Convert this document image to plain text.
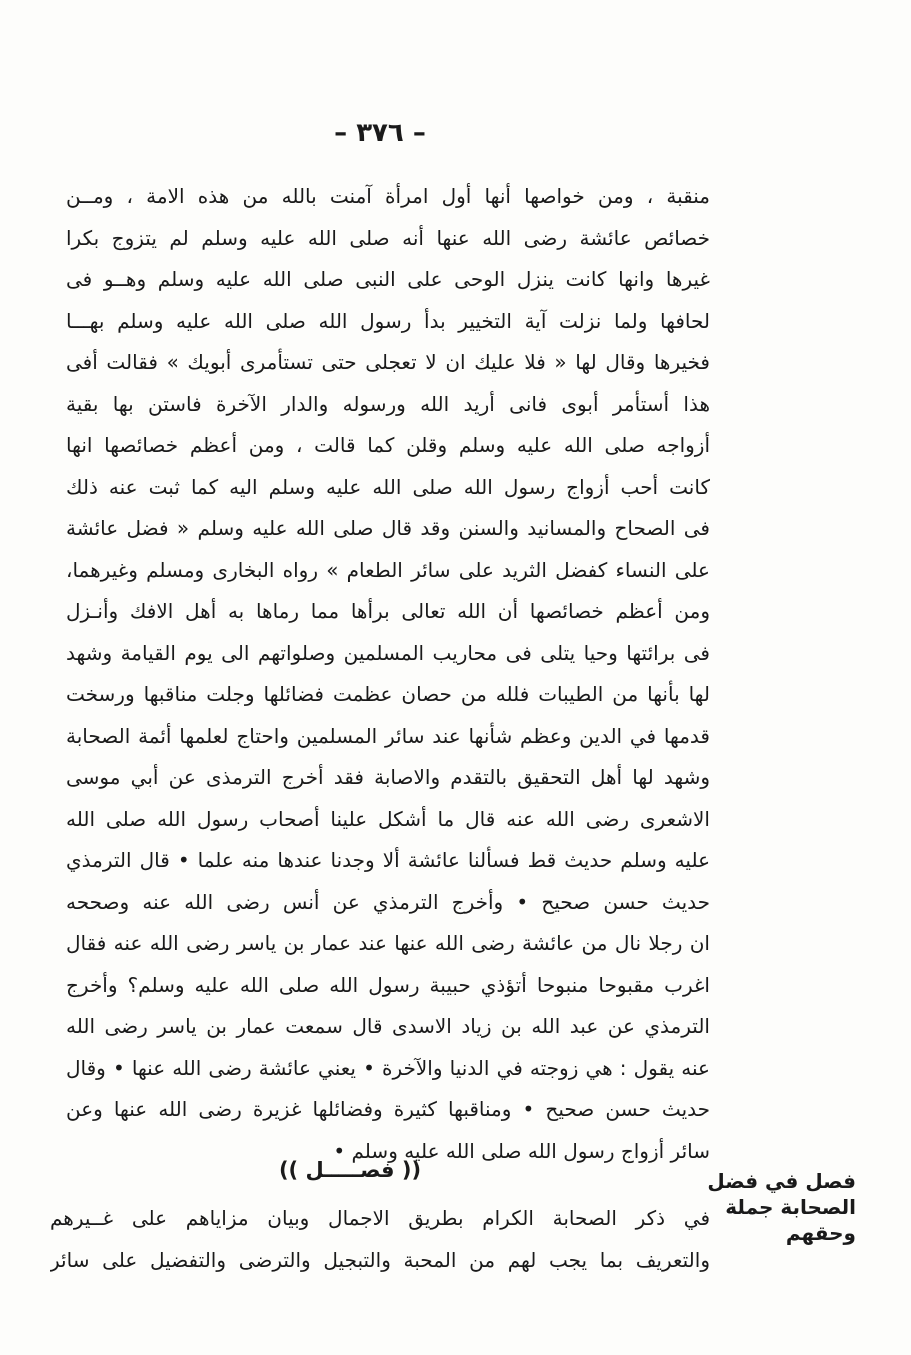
– ٣٧٦ –
منقبة ، ومن خواصها أنها أول امرأة آمنت بالله من هذه الامة ، ومــن
خصائص عائشة رضى الله عنها أنه صلى الله عليه وسلم لم يتزوج بكرا
غيرها وانها كانت ينزل الوحى على النبى صلى الله عليه وسلم وهــو فى
لحافها ولما نزلت آية التخيير بدأ رسول الله صلى الله عليه وسلم بهـــا
فخيرها وقال لها « فلا عليك ان لا تعجلى حتى تستأمرى أبويك » فقالت أفى
هذا أستأمر أبوى فانى أريد الله ورسوله والدار الآخرة فاستن بها بقية
أزواجه صلى الله عليه وسلم وقلن كما قالت ، ومن أعظم خصائصها انها
كانت أحب أزواج رسول الله صلى الله عليه وسلم اليه كما ثبت عنه ذلك
فى الصحاح والمسانيد والسنن وقد قال صلى الله عليه وسلم « فضل عائشة
على النساء كفضل الثريد على سائر الطعام » رواه البخارى ومسلم وغيرهما،
ومن أعظم خصائصها أن الله تعالى برأها مما رماها به أهل الافك وأنـزل
فى برائتها وحيا يتلى فى محاريب المسلمين وصلواتهم الى يوم القيامة وشهد
لها بأنها من الطيبات فلله من حصان عظمت فضائلها وجلت مناقبها ورسخت
قدمها في الدين وعظم شأنها عند سائر المسلمين واحتاج لعلمها أئمة الصحابة
وشهد لها أهل التحقيق بالتقدم والاصابة فقد أخرج الترمذى عن أبي موسى
الاشعرى رضى الله عنه قال ما أشكل علينا أصحاب رسول الله صلى الله
عليه وسلم حديث قط فسألنا عائشة ألا وجدنا عندها منه علما • قال الترمذي
حديث حسن صحيح • وأخرج الترمذي عن أنس رضى الله عنه وصححه
ان رجلا نال من عائشة رضى الله عنها عند عمار بن ياسر رضى الله عنه فقال
اغرب مقبوحا منبوحا أتؤذي حبيبة رسول الله صلى الله عليه وسلم؟ وأخرج
الترمذي عن عبد الله بن زياد الاسدى قال سمعت عمار بن ياسر رضى الله
عنه يقول : هي زوجته في الدنيا والآخرة • يعني عائشة رضى الله عنها • وقال
حديث حسن صحيح • ومناقبها كثيرة وفضائلها غزيرة رضى الله عنها وعن
سائر أزواج رسول الله صلى الله عليه وسلم •
(( فصـــــل ))
في ذكر الصحابة الكرام بطريق الاجمال وبيان مزاياهم على غــيرهم
والتعريف بما يجب لهم من المحبة والتبجيل والترضى والتفضيل على سائر
فصل في فضل
الصحابة جملة
وحقهم
